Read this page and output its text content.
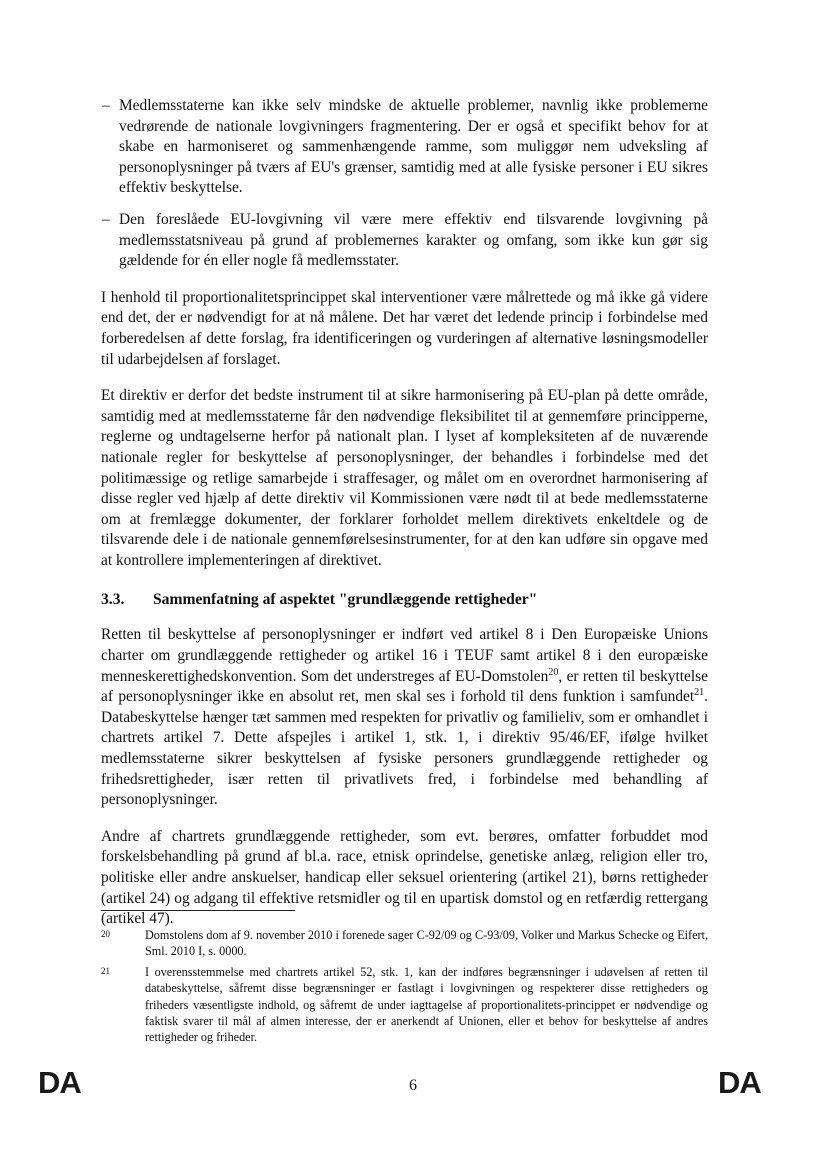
– Medlemsstaterne kan ikke selv mindske de aktuelle problemer, navnlig ikke problemerne vedrørende de nationale lovgivningers fragmentering. Der er også et specifikt behov for at skabe en harmoniseret og sammenhængende ramme, som muliggør nem udveksling af personoplysninger på tværs af EU's grænser, samtidig med at alle fysiske personer i EU sikres effektiv beskyttelse.

– Den foreslåede EU-lovgivning vil være mere effektiv end tilsvarende lovgivning på medlemsstatsniveau på grund af problemernes karakter og omfang, som ikke kun gør sig gældende for én eller nogle få medlemsstater.

I henhold til proportionalitetsprincippet skal interventioner være målrettede og må ikke gå videre end det, der er nødvendigt for at nå målene. Det har været det ledende princip i forbindelse med forberedelsen af dette forslag, fra identificeringen og vurderingen af alternative løsningsmodeller til udarbejdelsen af forslaget.

Et direktiv er derfor det bedste instrument til at sikre harmonisering på EU-plan på dette område, samtidig med at medlemsstaterne får den nødvendige fleksibilitet til at gennemføre principperne, reglerne og undtagelserne herfor på nationalt plan. I lyset af kompleksiteten af de nuværende nationale regler for beskyttelse af personoplysninger, der behandles i forbindelse med det politimæssige og retlige samarbejde i straffesager, og målet om en overordnet harmonisering af disse regler ved hjælp af dette direktiv vil Kommissionen være nødt til at bede medlemsstaterne om at fremlægge dokumenter, der forklarer forholdet mellem direktivets enkeltdele og de tilsvarende dele i de nationale gennemførelsesinstrumenter, for at den kan udføre sin opgave med at kontrollere implementeringen af direktivet.

3.3.	Sammenfatning af aspektet "grundlæggende rettigheder"

Retten til beskyttelse af personoplysninger er indført ved artikel 8 i Den Europæiske Unions charter om grundlæggende rettigheder og artikel 16 i TEUF samt artikel 8 i den europæiske menneskerettighedskonvention. Som det understreges af EU-Domstolen$^{20}$, er retten til beskyttelse af personoplysninger ikke en absolut ret, men skal ses i forhold til dens funktion i samfundet$^{21}$. Databeskyttelse hænger tæt sammen med respekten for privatliv og familieliv, som er omhandlet i chartrets artikel 7. Dette afspejles i artikel 1, stk. 1, i direktiv 95/46/EF, ifølge hvilket medlemsstaterne sikrer beskyttelsen af fysiske personers grundlæggende rettigheder og frihedsrettigheder, især retten til privatlivets fred, i forbindelse med behandling af personoplysninger.

Andre af chartrets grundlæggende rettigheder, som evt. berøres, omfatter forbuddet mod forskelsbehandling på grund af bl.a. race, etnisk oprindelse, genetiske anlæg, religion eller tro, politiske eller andre anskuelser, handicap eller seksuel orientering (artikel 21), børns rettigheder (artikel 24) og adgang til effektive retsmidler og til en upartisk domstol og en retfærdig rettergang (artikel 47).

20	Domstolens dom af 9. november 2010 i forenede sager C-92/09 og C-93/09, Volker und Markus Schecke og Eifert, Sml. 2010 I, s. 0000.
21	I overensstemmelse med chartrets artikel 52, stk. 1, kan der indføres begrænsninger i udøvelsen af retten til databeskyttelse, såfremt disse begrænsninger er fastlagt i lovgivningen og respekterer disse rettigheders og friheders væsentligste indhold, og såfremt de under iagttagelse af proportionalitets-princippet er nødvendige og faktisk svarer til mål af almen interesse, der er anerkendt af Unionen, eller et behov for beskyttelse af andres rettigheder og friheder.
DA	6	DA
